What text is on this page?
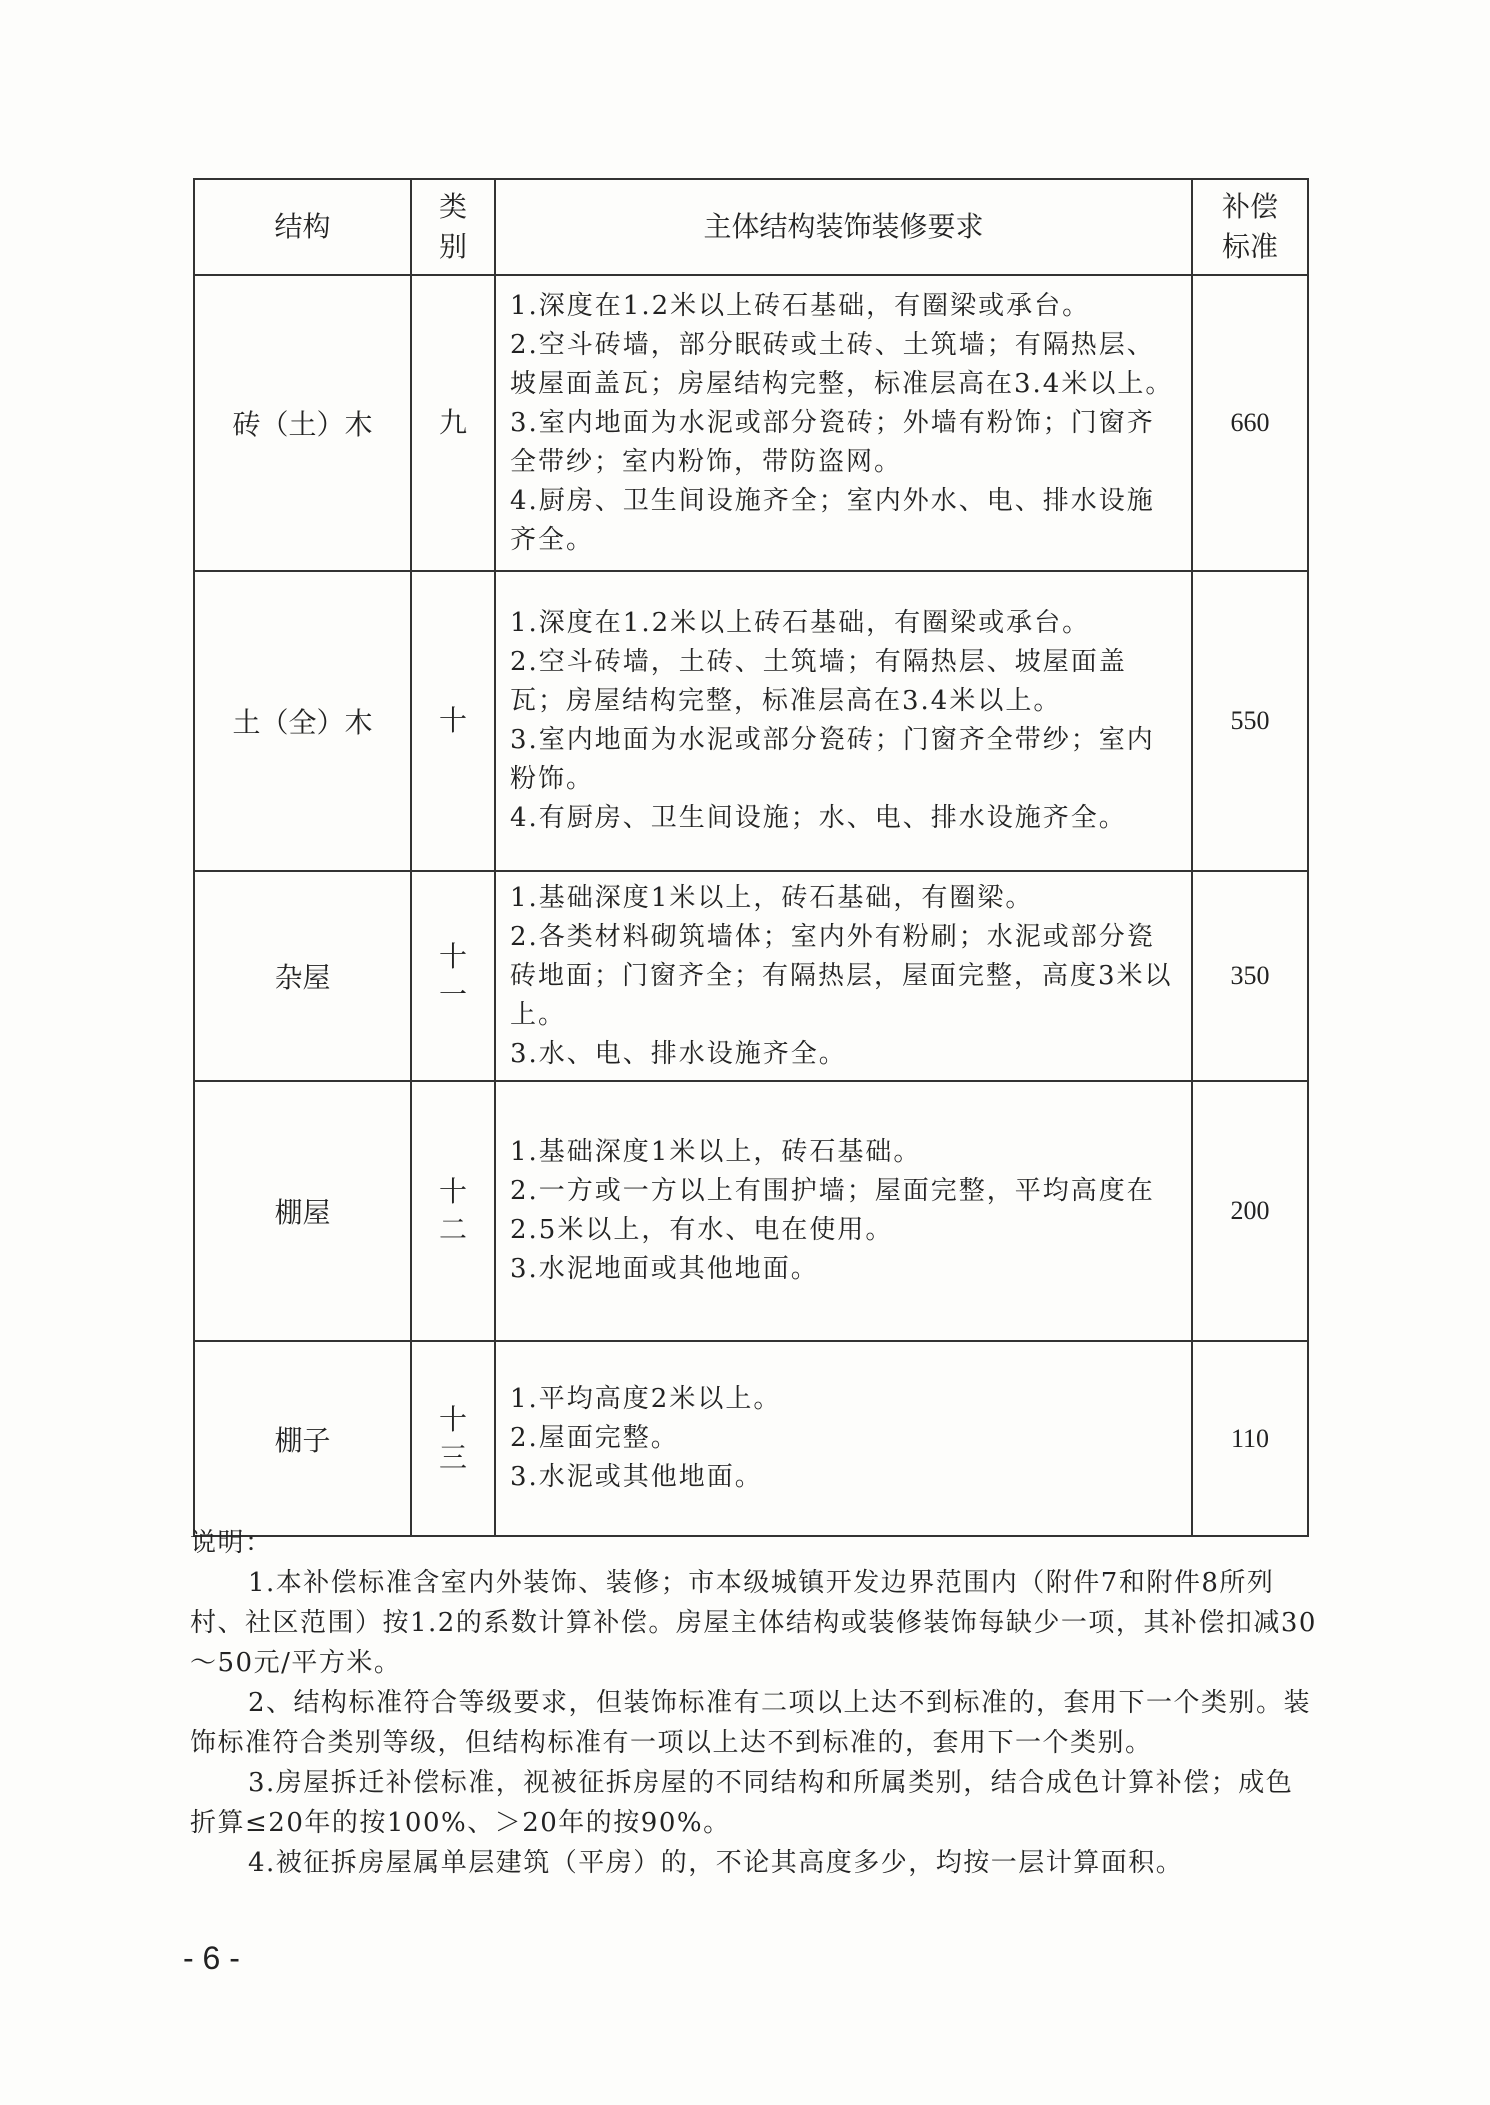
结构	类别	主体结构装饰装修要求	补偿标准

砖（土）木	九	1.深度在1.2米以上砖石基础，有圈梁或承台。
2.空斗砖墙，部分眠砖或土砖、土筑墙；有隔热层、坡屋面盖瓦；房屋结构完整，标准层高在3.4米以上。
3.室内地面为水泥或部分瓷砖；外墙有粉饰；门窗齐全带纱；室内粉饰，带防盗网。
4.厨房、卫生间设施齐全；室内外水、电、排水设施齐全。	660
土（全）木	十	1.深度在1.2米以上砖石基础，有圈梁或承台。
2.空斗砖墙，土砖、土筑墙；有隔热层、坡屋面盖瓦；房屋结构完整，标准层高在3.4米以上。
3.室内地面为水泥或部分瓷砖；门窗齐全带纱；室内粉饰。
4.有厨房、卫生间设施；水、电、排水设施齐全。	550
杂屋	十一	1.基础深度1米以上，砖石基础，有圈梁。
2.各类材料砌筑墙体；室内外有粉刷；水泥或部分瓷砖地面；门窗齐全；有隔热层，屋面完整，高度3米以上。
3.水、电、排水设施齐全。	350
棚屋	十二	1.基础深度1米以上，砖石基础。
2.一方或一方以上有围护墙；屋面完整，平均高度在2.5米以上，有水、电在使用。
3.水泥地面或其他地面。	200
棚子	十三	1.平均高度2米以上。
2.屋面完整。
3.水泥或其他地面。	110

说明：

1.本补偿标准含室内外装饰、装修；市本级城镇开发边界范围内（附件7和附件8所列村、社区范围）按1.2的系数计算补偿。房屋主体结构或装修装饰每缺少一项，其补偿扣减30～50元/平方米。

2、结构标准符合等级要求，但装饰标准有二项以上达不到标准的，套用下一个类别。装饰标准符合类别等级，但结构标准有一项以上达不到标准的，套用下一个类别。

3.房屋拆迁补偿标准，视被征拆房屋的不同结构和所属类别，结合成色计算补偿；成色折算≤20年的按100%、＞20年的按90%。

4.被征拆房屋属单层建筑（平房）的，不论其高度多少，均按一层计算面积。

- 6 -
